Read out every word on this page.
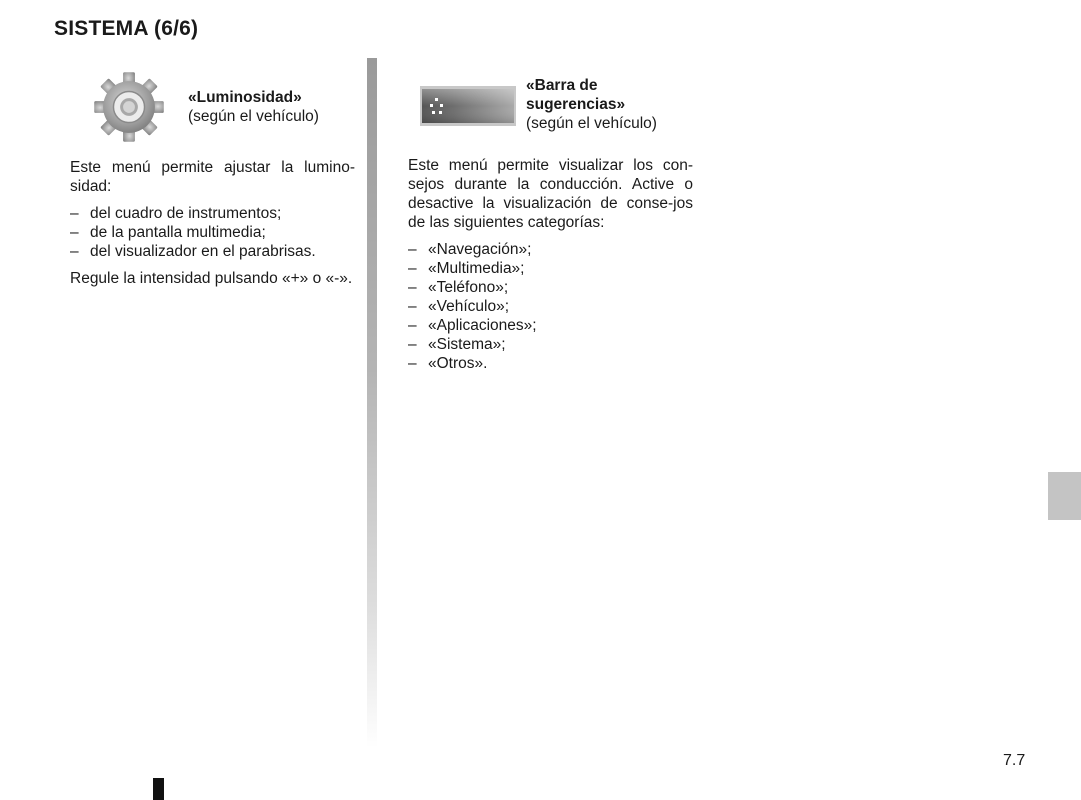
SISTEMA (6/6)
«Luminosidad»
(según el vehículo)

Este menú permite ajustar la lumino-sidad:

– del cuadro de instrumentos;
– de la pantalla multimedia;
– del visualizador en el parabrisas.

Regule la intensidad pulsando «+» o «-».

«Barra de sugerencias»
(según el vehículo)

Este menú permite visualizar los con-sejos durante la conducción. Active o desactive la visualización de conse-jos de las siguientes categorías:

– «Navegación»;
– «Multimedia»;
– «Teléfono»;
– «Vehículo»;
– «Aplicaciones»;
– «Sistema»;
– «Otros».
7.7
